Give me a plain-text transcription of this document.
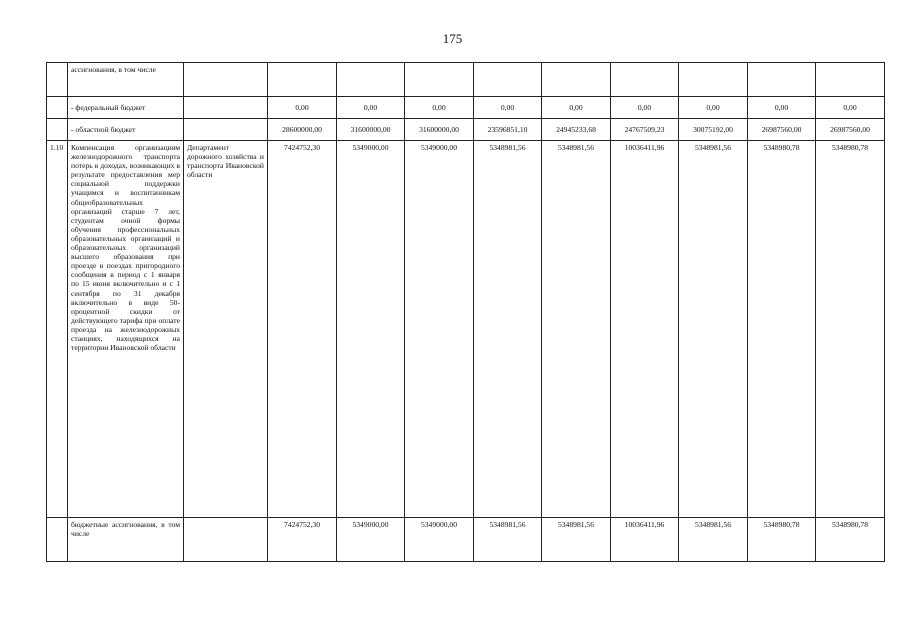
175
	ассигнования, в том числе										
	- федеральный бюджет		0,00	0,00	0,00	0,00	0,00	0,00	0,00	0,00	0,00
	- областной бюджет		28600000,00	31600000,00	31600000,00	23596851,10	24945233,68	24767509,23	30075192,00	26987560,00	26987560,00
1.10	Компенсация организациям железнодорожного транспорта потерь в доходах, возникающих в результате предоставления мер социальной поддержки учащимся и воспитанникам общеобразовательных организаций старше 7 лет, студентам очной формы обучения профессиональных образовательных организаций и образовательных организаций высшего образования при проезде в поездах пригородного сообщения в период с 1 января по 15 июня включительно и с 1 сентября по 31 декабря включительно в виде 50-процентной скидки от действующего тарифа при оплате проезда на железнодорожных станциях, находящихся на территории Ивановской области	Департамент дорожного хозяйства и транспорта Ивановской области	7424752,30	5349000,00	5349000,00	5348981,56	5348981,56	10036411,96	5348981,56	5348980,78	5348980,78
	бюджетные ассигнования, в том числе		7424752,30	5349000,00	5349000,00	5348981,56	5348981,56	10036411,96	5348981,56	5348980,78	5348980,78
